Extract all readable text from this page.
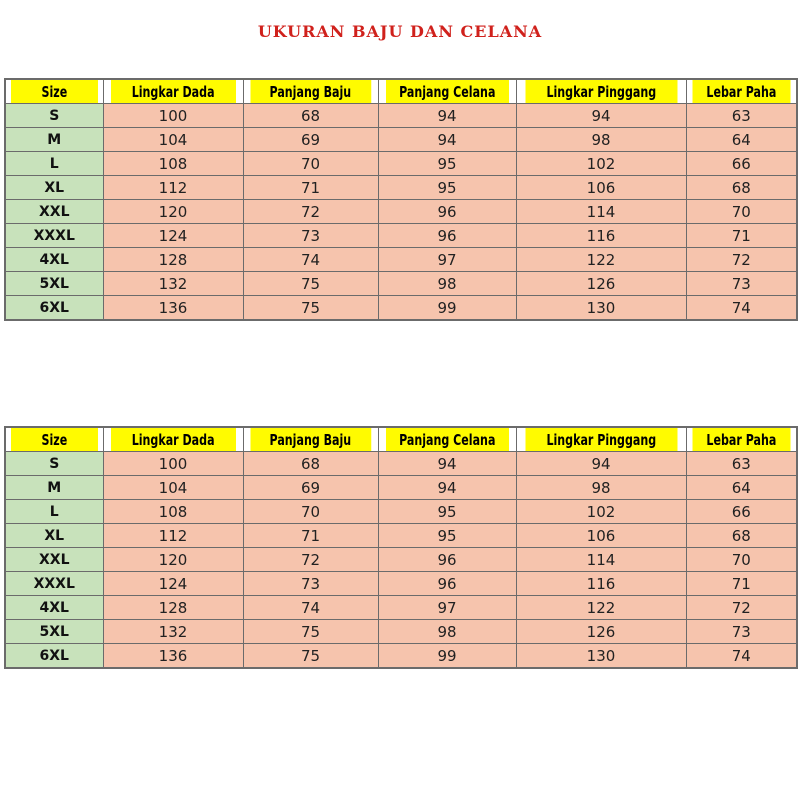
UKURAN BAJU DAN CELANA
Size	Lingkar Dada	Panjang Baju	Panjang Celana	Lingkar Pinggang	Lebar Paha
S	100	68	94	94	63
M	104	69	94	98	64
L	108	70	95	102	66
XL	112	71	95	106	68
XXL	120	72	96	114	70
XXXL	124	73	96	116	71
4XL	128	74	97	122	72
5XL	132	75	98	126	73
6XL	136	75	99	130	74
Size	Lingkar Dada	Panjang Baju	Panjang Celana	Lingkar Pinggang	Lebar Paha
S	100	68	94	94	63
M	104	69	94	98	64
L	108	70	95	102	66
XL	112	71	95	106	68
XXL	120	72	96	114	70
XXXL	124	73	96	116	71
4XL	128	74	97	122	72
5XL	132	75	98	126	73
6XL	136	75	99	130	74
